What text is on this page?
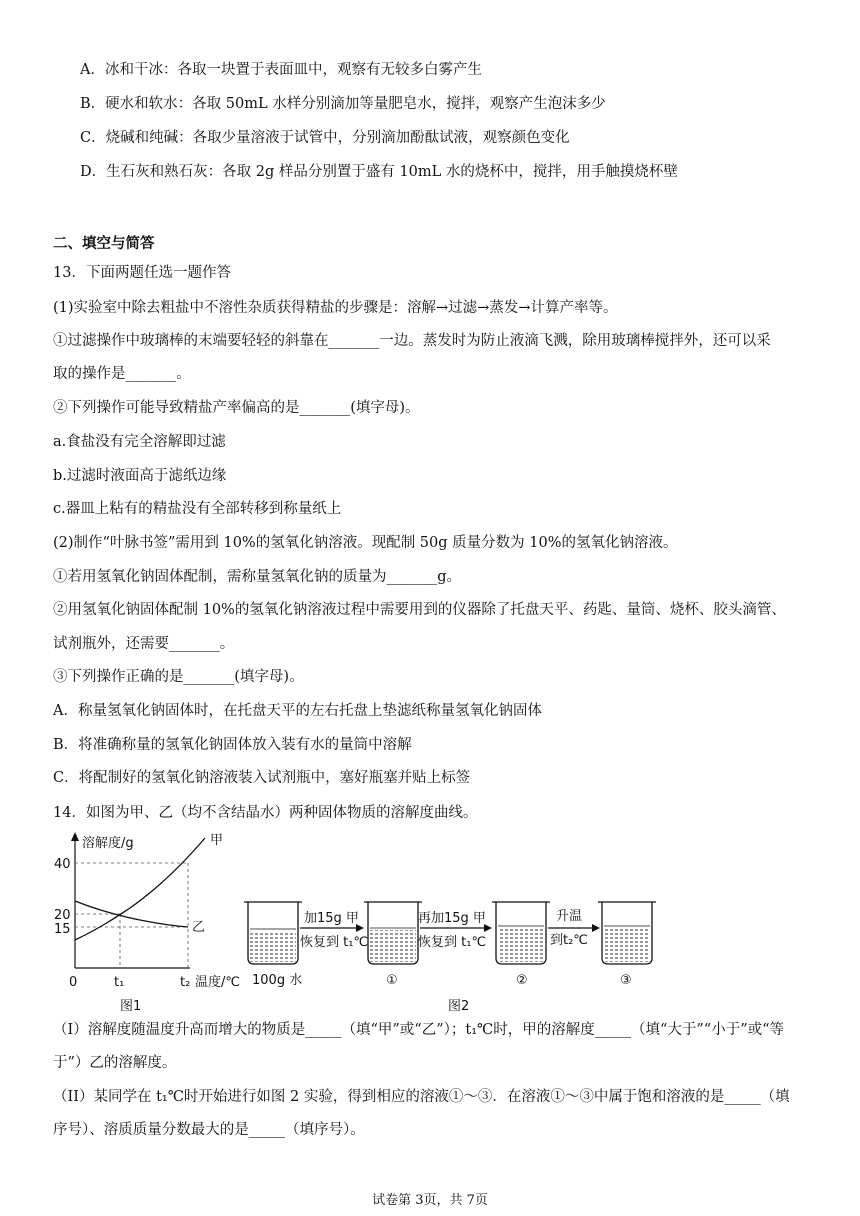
A．冰和干冰：各取一块置于表面皿中，观察有无较多白雾产生
B．硬水和软水：各取 50mL 水样分别滴加等量肥皂水，搅拌，观察产生泡沫多少
C．烧碱和纯碱：各取少量溶液于试管中，分别滴加酚酞试液，观察颜色变化
D．生石灰和熟石灰：各取 2g 样品分别置于盛有 10mL 水的烧杯中，搅拌，用手触摸烧杯壁
二、填空与简答
13．下面两题任选一题作答
(1)实验室中除去粗盐中不溶性杂质获得精盐的步骤是：溶解→过滤→蒸发→计算产率等。
①过滤操作中玻璃棒的末端要轻轻的斜靠在_______一边。蒸发时为防止液滴飞溅，除用玻璃棒搅拌外，还可以采
取的操作是_______。
②下列操作可能导致精盐产率偏高的是_______(填字母)。
a.食盐没有完全溶解即过滤
b.过滤时液面高于滤纸边缘
c.器皿上粘有的精盐没有全部转移到称量纸上
(2)制作“叶脉书签”需用到 10%的氢氧化钠溶液。现配制 50g 质量分数为 10%的氢氧化钠溶液。
①若用氢氧化钠固体配制，需称量氢氧化钠的质量为_______g。
②用氢氧化钠固体配制 10%的氢氧化钠溶液过程中需要用到的仪器除了托盘天平、药匙、量筒、烧杯、胶头滴管、
试剂瓶外，还需要_______。
③下列操作正确的是_______(填字母)。
A．称量氢氧化钠固体时，在托盘天平的左右托盘上垫滤纸称量氢氧化钠固体
B．将准确称量的氢氧化钠固体放入装有水的量筒中溶解
C．将配制好的氢氧化钠溶液装入试剂瓶中，塞好瓶塞并贴上标签
14．如图为甲、乙（均不含结晶水）两种固体物质的溶解度曲线。
溶解度/g	甲
乙
40
20
15
0	t₁	t₂ 温度/℃
图1
加15g 甲
恢复到 t₁℃
再加15g 甲
恢复到 t₁℃
升温
到t₂℃
100g 水	①	②	③
图2
（I）溶解度随温度升高而增大的物质是_____（填“甲”或“乙”）；t₁℃时，甲的溶解度_____（填“大于”“小于”或“等
于”）乙的溶解度。
（II）某同学在 t₁℃时开始进行如图 2 实验，得到相应的溶液①～③．在溶液①～③中属于饱和溶液的是_____（填
序号）、溶质质量分数最大的是_____（填序号）。
试卷第 3页，共 7页
